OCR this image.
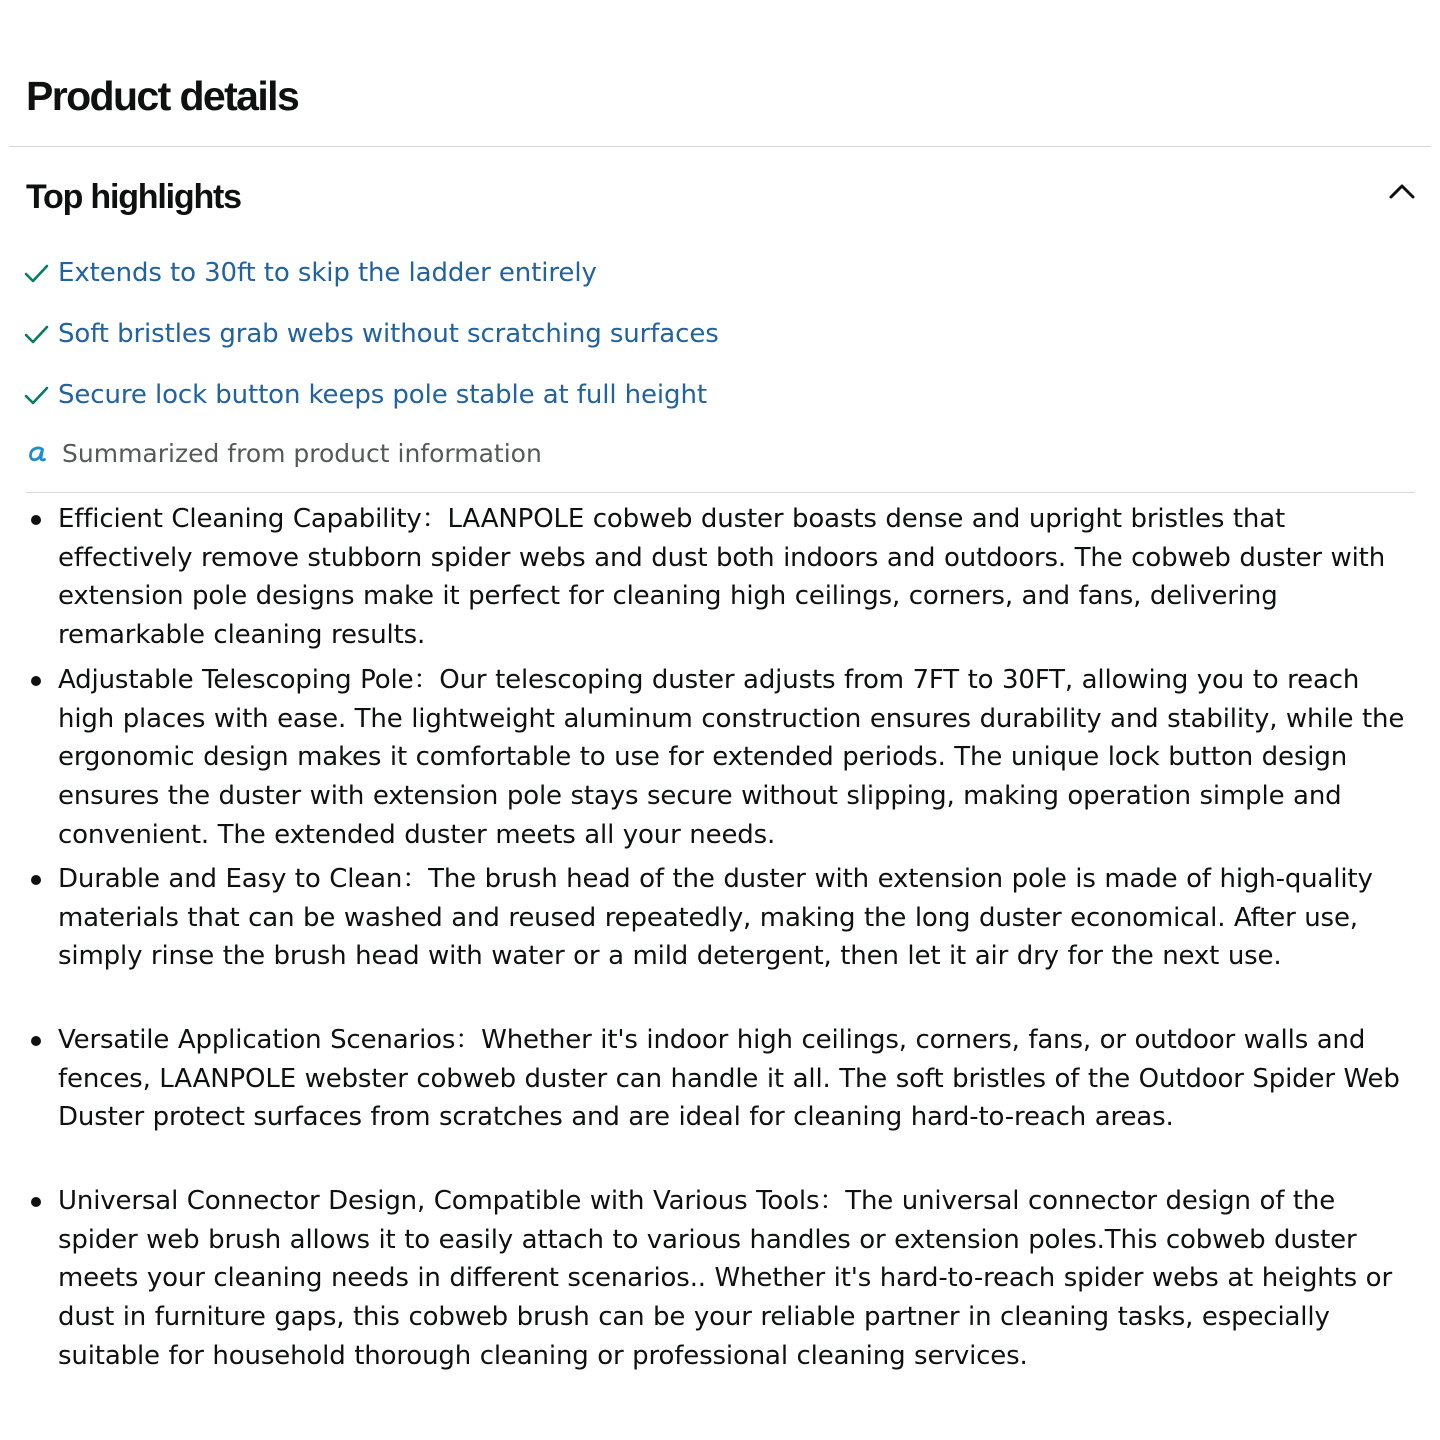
Product details
Top highlights
Extends to 30ft to skip the ladder entirely
Soft bristles grab webs without scratching surfaces
Secure lock button keeps pole stable at full height
Summarized from product information
Efficient Cleaning Capability：LAANPOLE cobweb duster boasts dense and upright bristles that effectively remove stubborn spider webs and dust both indoors and outdoors. The cobweb duster with extension pole designs make it perfect for cleaning high ceilings, corners, and fans, delivering remarkable cleaning results.
Adjustable Telescoping Pole：Our telescoping duster adjusts from 7FT to 30FT, allowing you to reach high places with ease. The lightweight aluminum construction ensures durability and stability, while the ergonomic design makes it comfortable to use for extended periods. The unique lock button design ensures the duster with extension pole stays secure without slipping, making operation simple and convenient. The extended duster meets all your needs.
Durable and Easy to Clean：The brush head of the duster with extension pole is made of high-quality materials that can be washed and reused repeatedly, making the long duster economical. After use, simply rinse the brush head with water or a mild detergent, then let it air dry for the next use.
Versatile Application Scenarios：Whether it's indoor high ceilings, corners, fans, or outdoor walls and fences, LAANPOLE webster cobweb duster can handle it all. The soft bristles of the Outdoor Spider Web Duster protect surfaces from scratches and are ideal for cleaning hard-to-reach areas.
Universal Connector Design, Compatible with Various Tools：The universal connector design of the spider web brush allows it to easily attach to various handles or extension poles.This cobweb duster meets your cleaning needs in different scenarios.. Whether it's hard-to-reach spider webs at heights or dust in furniture gaps, this cobweb brush can be your reliable partner in cleaning tasks, especially suitable for household thorough cleaning or professional cleaning services.
